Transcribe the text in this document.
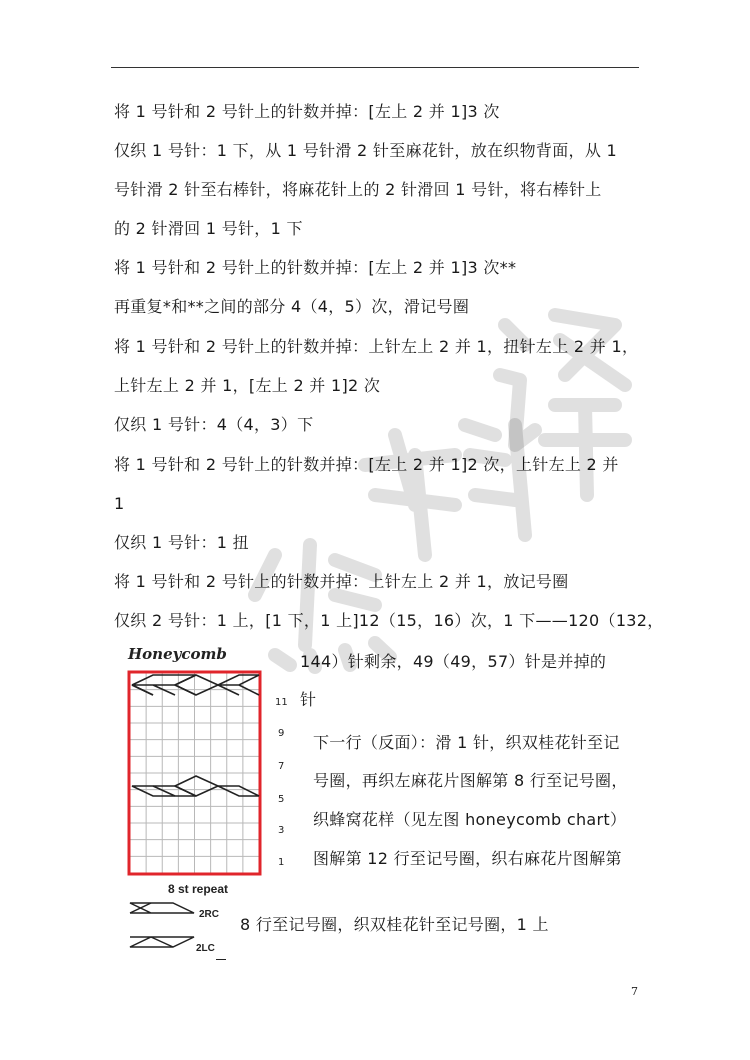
将 1 号针和 2 号针上的针数并掉：[左上 2 并 1]3 次
仅织 1 号针：1 下，从 1 号针滑 2 针至麻花针，放在织物背面，从 1
号针滑 2 针至右棒针，将麻花针上的 2 针滑回 1 号针，将右棒针上
的 2 针滑回 1 号针，1 下
将 1 号针和 2 号针上的针数并掉：[左上 2 并 1]3 次**
再重复*和**之间的部分 4（4，5）次，滑记号圈
将 1 号针和 2 号针上的针数并掉：上针左上 2 并 1，扭针左上 2 并 1，
上针左上 2 并 1，[左上 2 并 1]2 次
仅织 1 号针：4（4，3）下
将 1 号针和 2 号针上的针数并掉：[左上 2 并 1]2 次，上针左上 2 并
1
仅织 1 号针：1 扭
将 1 号针和 2 号针上的针数并掉：上针左上 2 并 1，放记号圈
仅织 2 号针：1 上，[1 下，1 上]12（15，16）次，1 下——120（132，
144）针剩余，49（49，57）针是并掉的
针
下一行（反面）：滑 1 针，织双桂花针至记
号圈，再织左麻花片图解第 8 行至记号圈，
织蜂窝花样（见左图 honeycomb chart）
图解第 12 行至记号圈，织右麻花片图解第
8 行至记号圈，织双桂花针至记号圈，1 上
Honeycomb
11
9
7
5
3
1
8 st repeat
2RC
2LC
7
